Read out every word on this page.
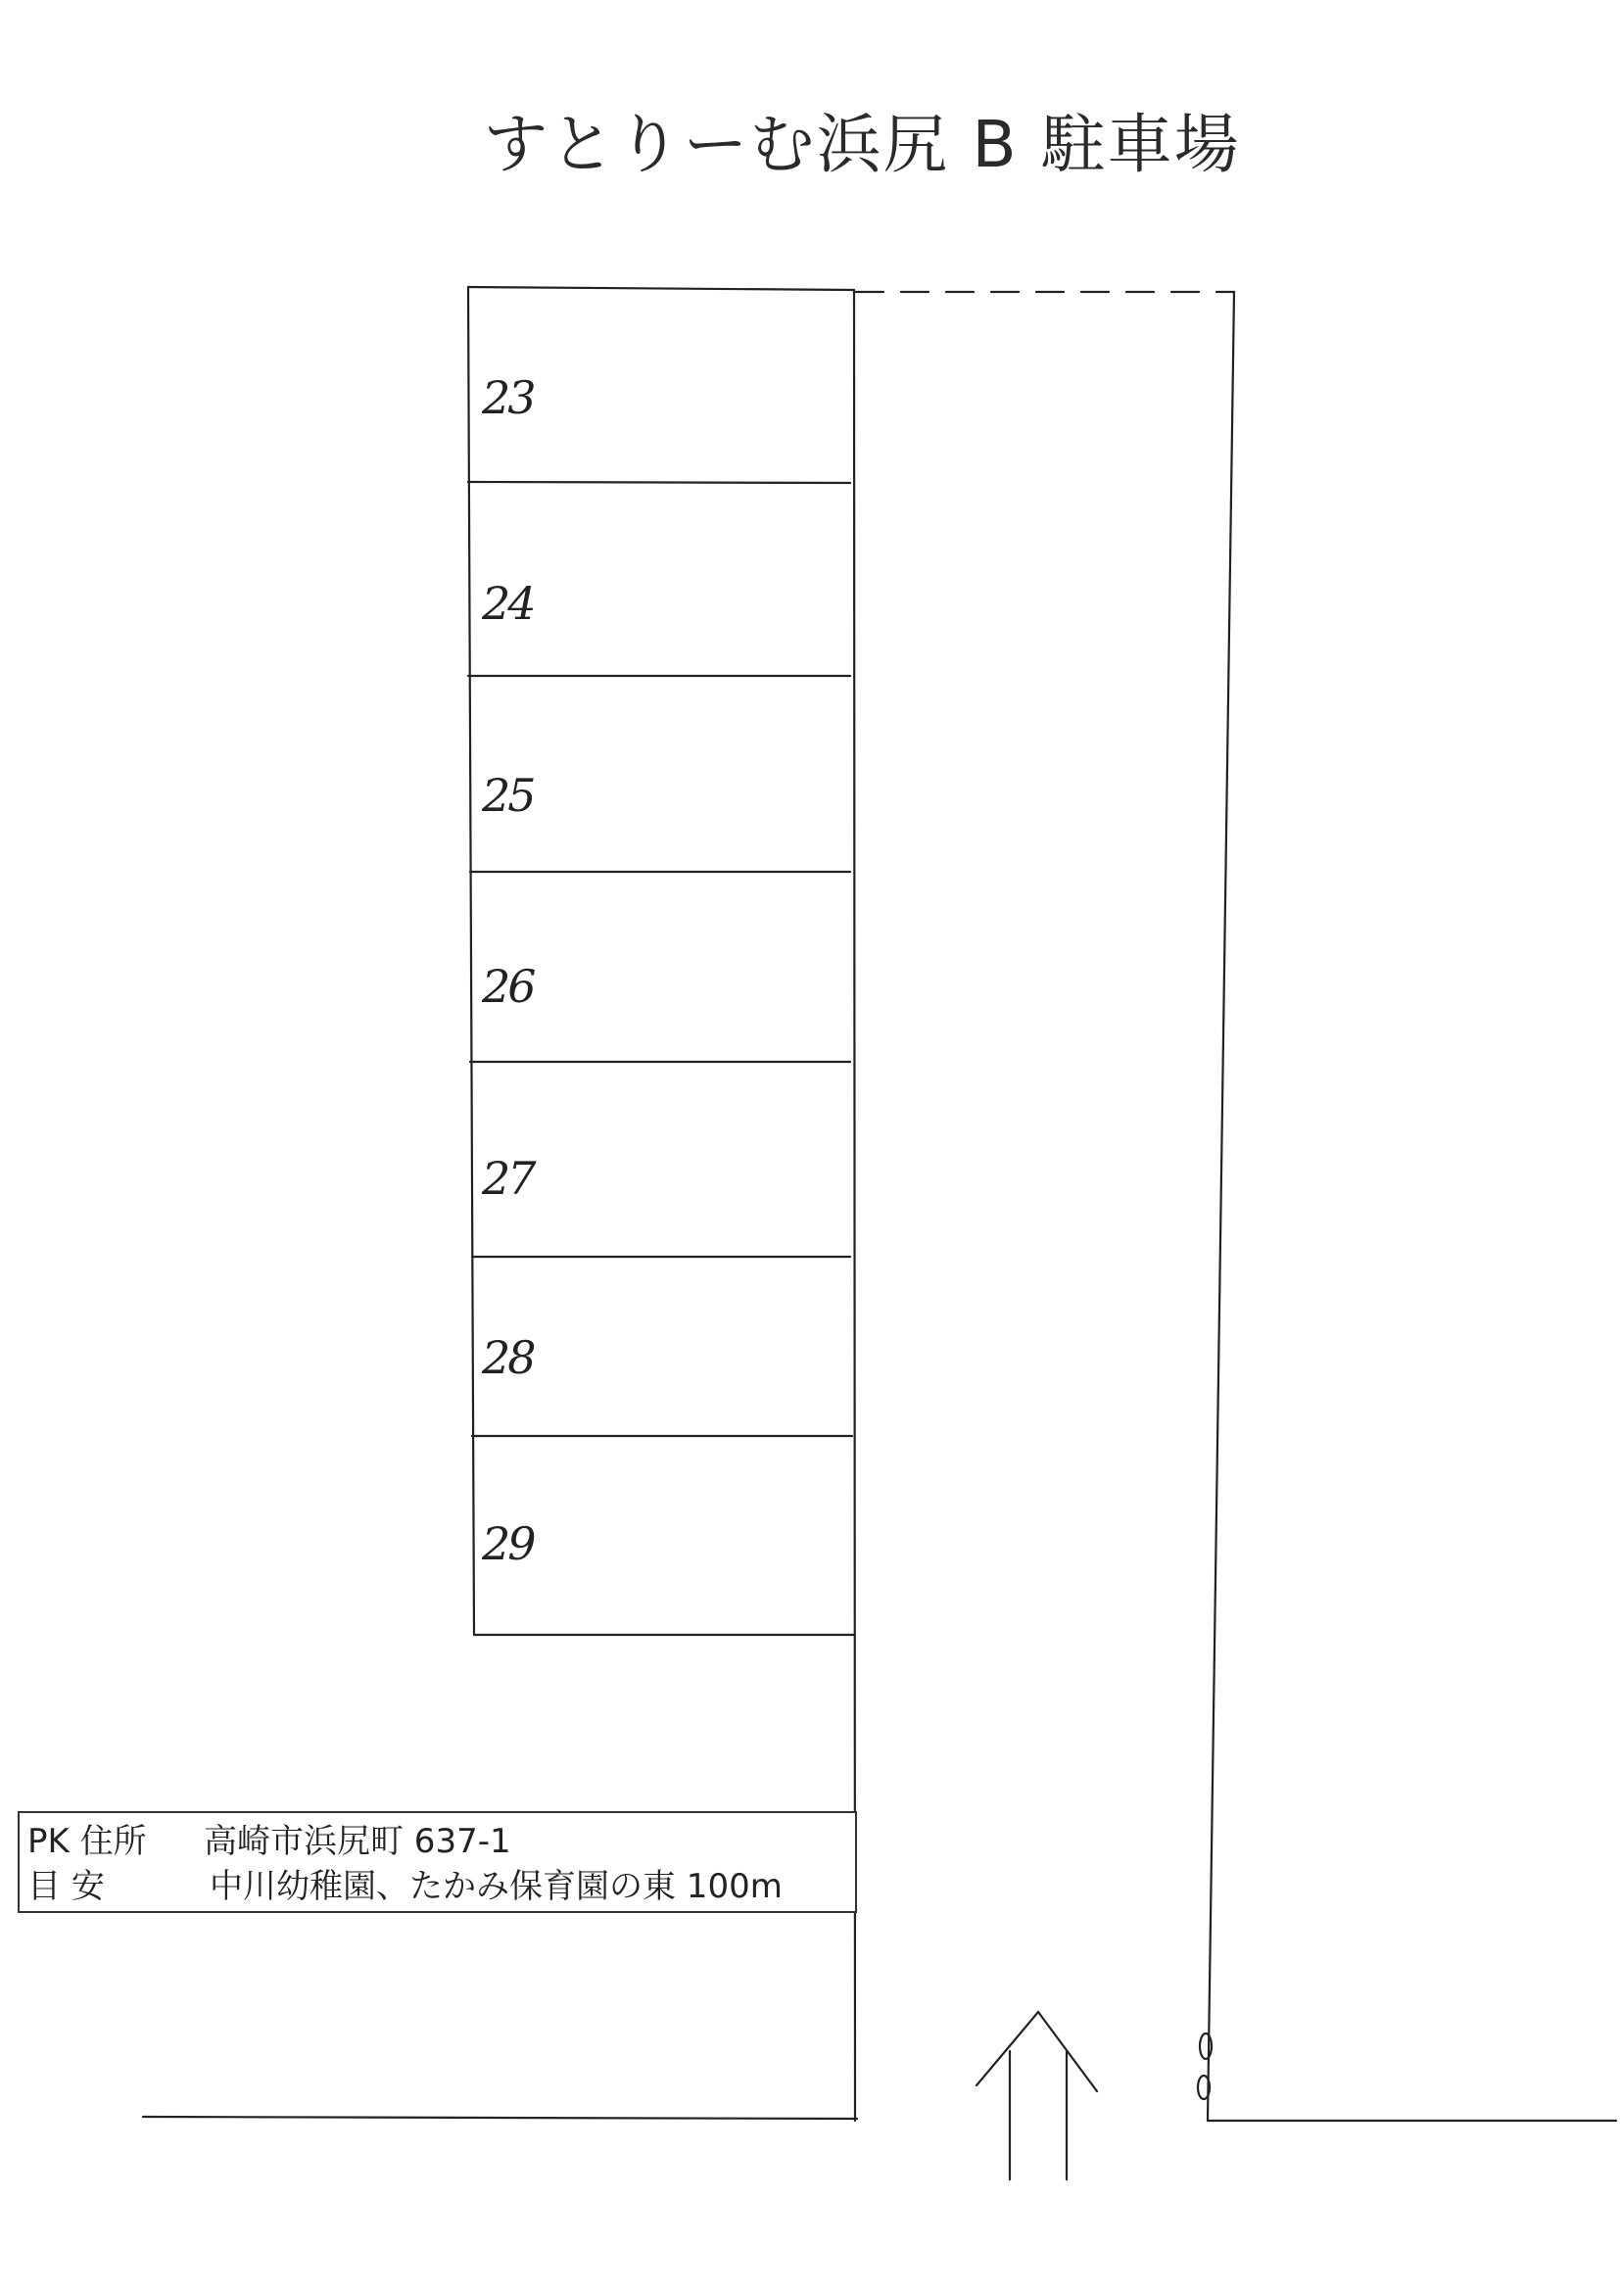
すとりーむ浜尻 B 駐車場
23
24
25
26
27
28
29
PK 住所 高崎市浜尻町 637-1
目 安	中川幼稚園、たかみ保育園の東 100m
